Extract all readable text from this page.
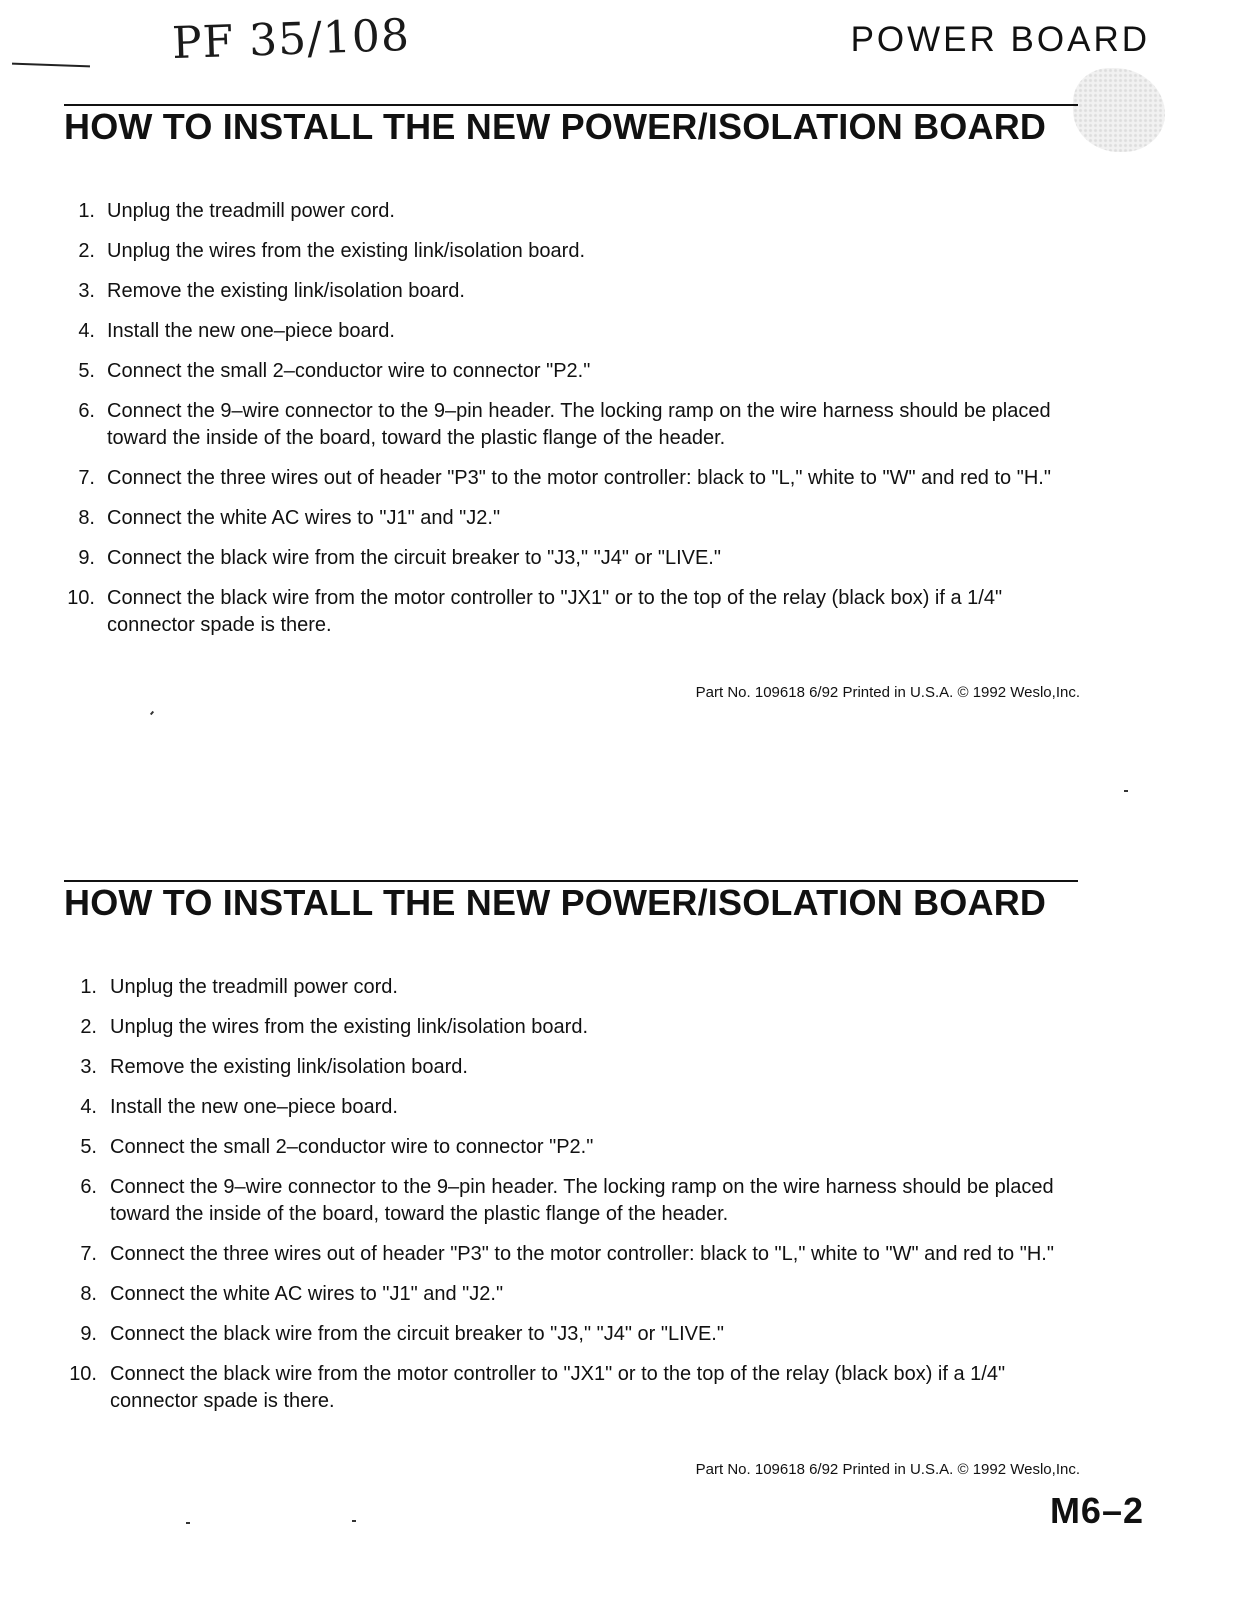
PF 35/108	POWER BOARD
HOW TO INSTALL THE NEW POWER/ISOLATION BOARD
1. Unplug the treadmill power cord.
2. Unplug the wires from the existing link/isolation board.
3. Remove the existing link/isolation board.
4. Install the new one–piece board.
5. Connect the small 2–conductor wire to connector "P2."
6. Connect the 9–wire connector to the 9–pin header. The locking ramp on the wire harness should be placed toward the inside of the board, toward the plastic flange of the header.
7. Connect the three wires out of header "P3" to the motor controller: black to "L," white to "W" and red to "H."
8. Connect the white AC wires to "J1" and "J2."
9. Connect the black wire from the circuit breaker to "J3," "J4" or "LIVE."
10. Connect the black wire from the motor controller to "JX1" or to the top of the relay (black box) if a 1/4" connector spade is there.
Part No. 109618 6/92 Printed in U.S.A. © 1992 Weslo,Inc.
HOW TO INSTALL THE NEW POWER/ISOLATION BOARD
1. Unplug the treadmill power cord.
2. Unplug the wires from the existing link/isolation board.
3. Remove the existing link/isolation board.
4. Install the new one–piece board.
5. Connect the small 2–conductor wire to connector "P2."
6. Connect the 9–wire connector to the 9–pin header. The locking ramp on the wire harness should be placed toward the inside of the board, toward the plastic flange of the header.
7. Connect the three wires out of header "P3" to the motor controller: black to "L," white to "W" and red to "H."
8. Connect the white AC wires to "J1" and "J2."
9. Connect the black wire from the circuit breaker to "J3," "J4" or "LIVE."
10. Connect the black wire from the motor controller to "JX1" or to the top of the relay (black box) if a 1/4" connector spade is there.
Part No. 109618 6/92 Printed in U.S.A. © 1992 Weslo,Inc.
M6–2
